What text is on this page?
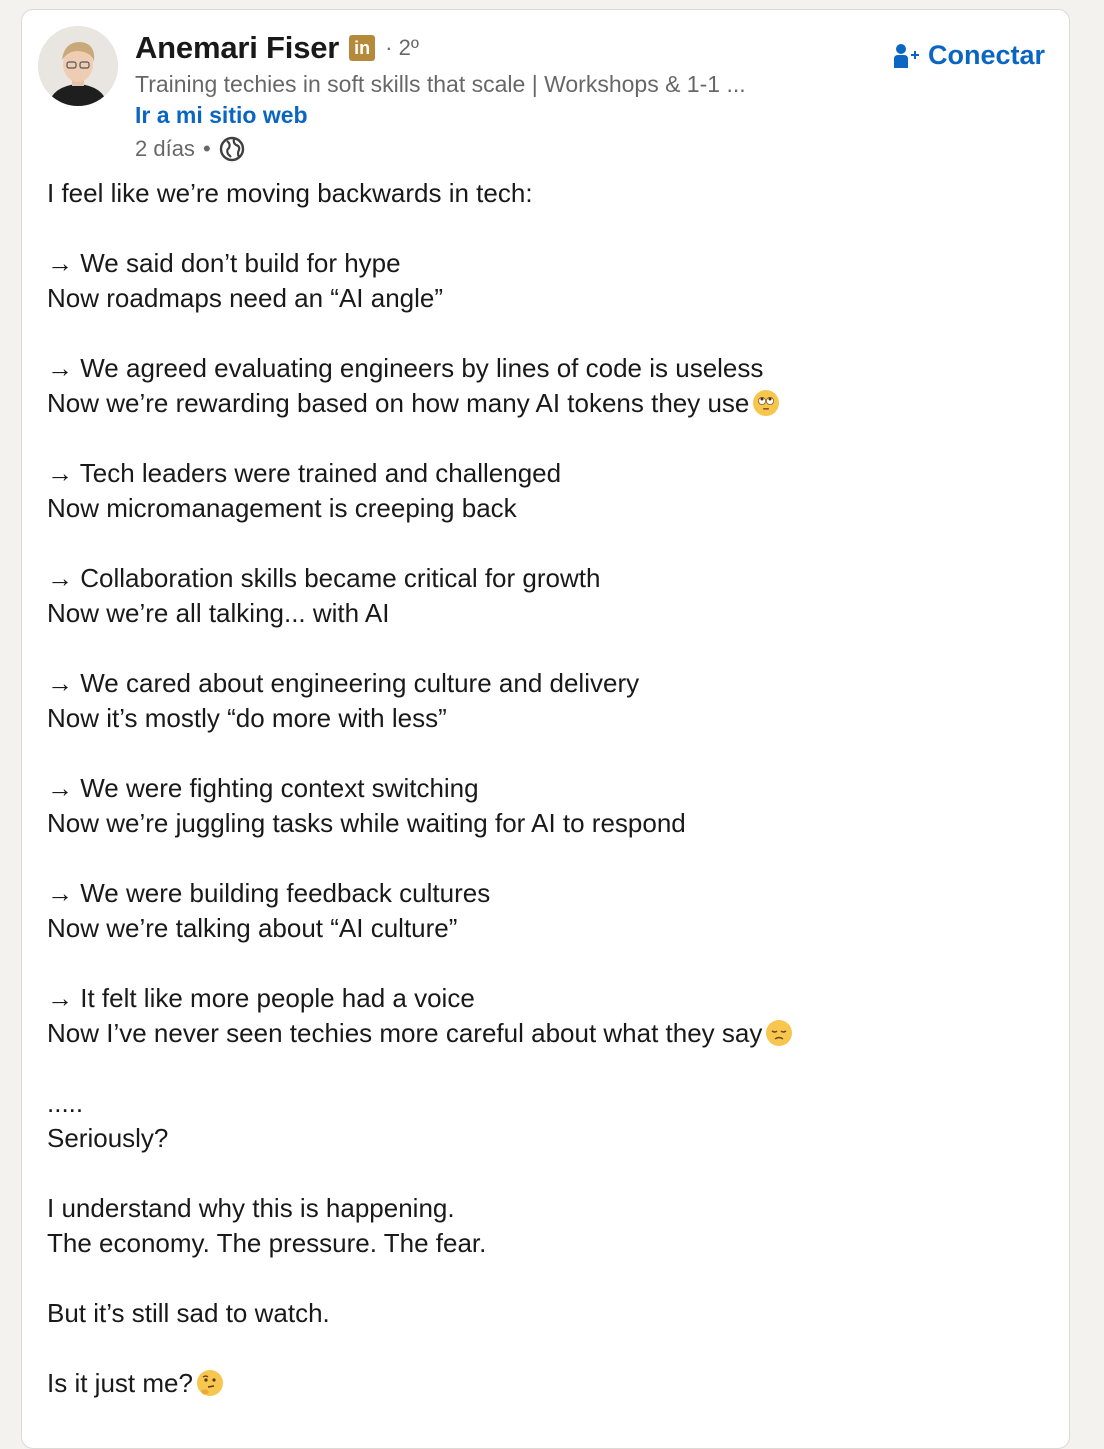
Anemari Fiser in · 2º
Training techies in soft skills that scale | Workshops & 1-1 ...
Ir a mi sitio web
2 días •
Conectar

I feel like we’re moving backwards in tech:

→ We said don’t build for hype

Now roadmaps need an “AI angle”

→ We agreed evaluating engineers by lines of code is useless

Now we’re rewarding based on how many AI tokens they use

→ Tech leaders were trained and challenged

Now micromanagement is creeping back

→ Collaboration skills became critical for growth

Now we’re all talking... with AI

→ We cared about engineering culture and delivery

Now it’s mostly “do more with less”

→ We were fighting context switching

Now we’re juggling tasks while waiting for AI to respond

→ We were building feedback cultures

Now we’re talking about “AI culture”

→ It felt like more people had a voice

Now I’ve never seen techies more careful about what they say

.....

Seriously?

I understand why this is happening.

The economy. The pressure. The fear.

But it’s still sad to watch.

Is it just me?
